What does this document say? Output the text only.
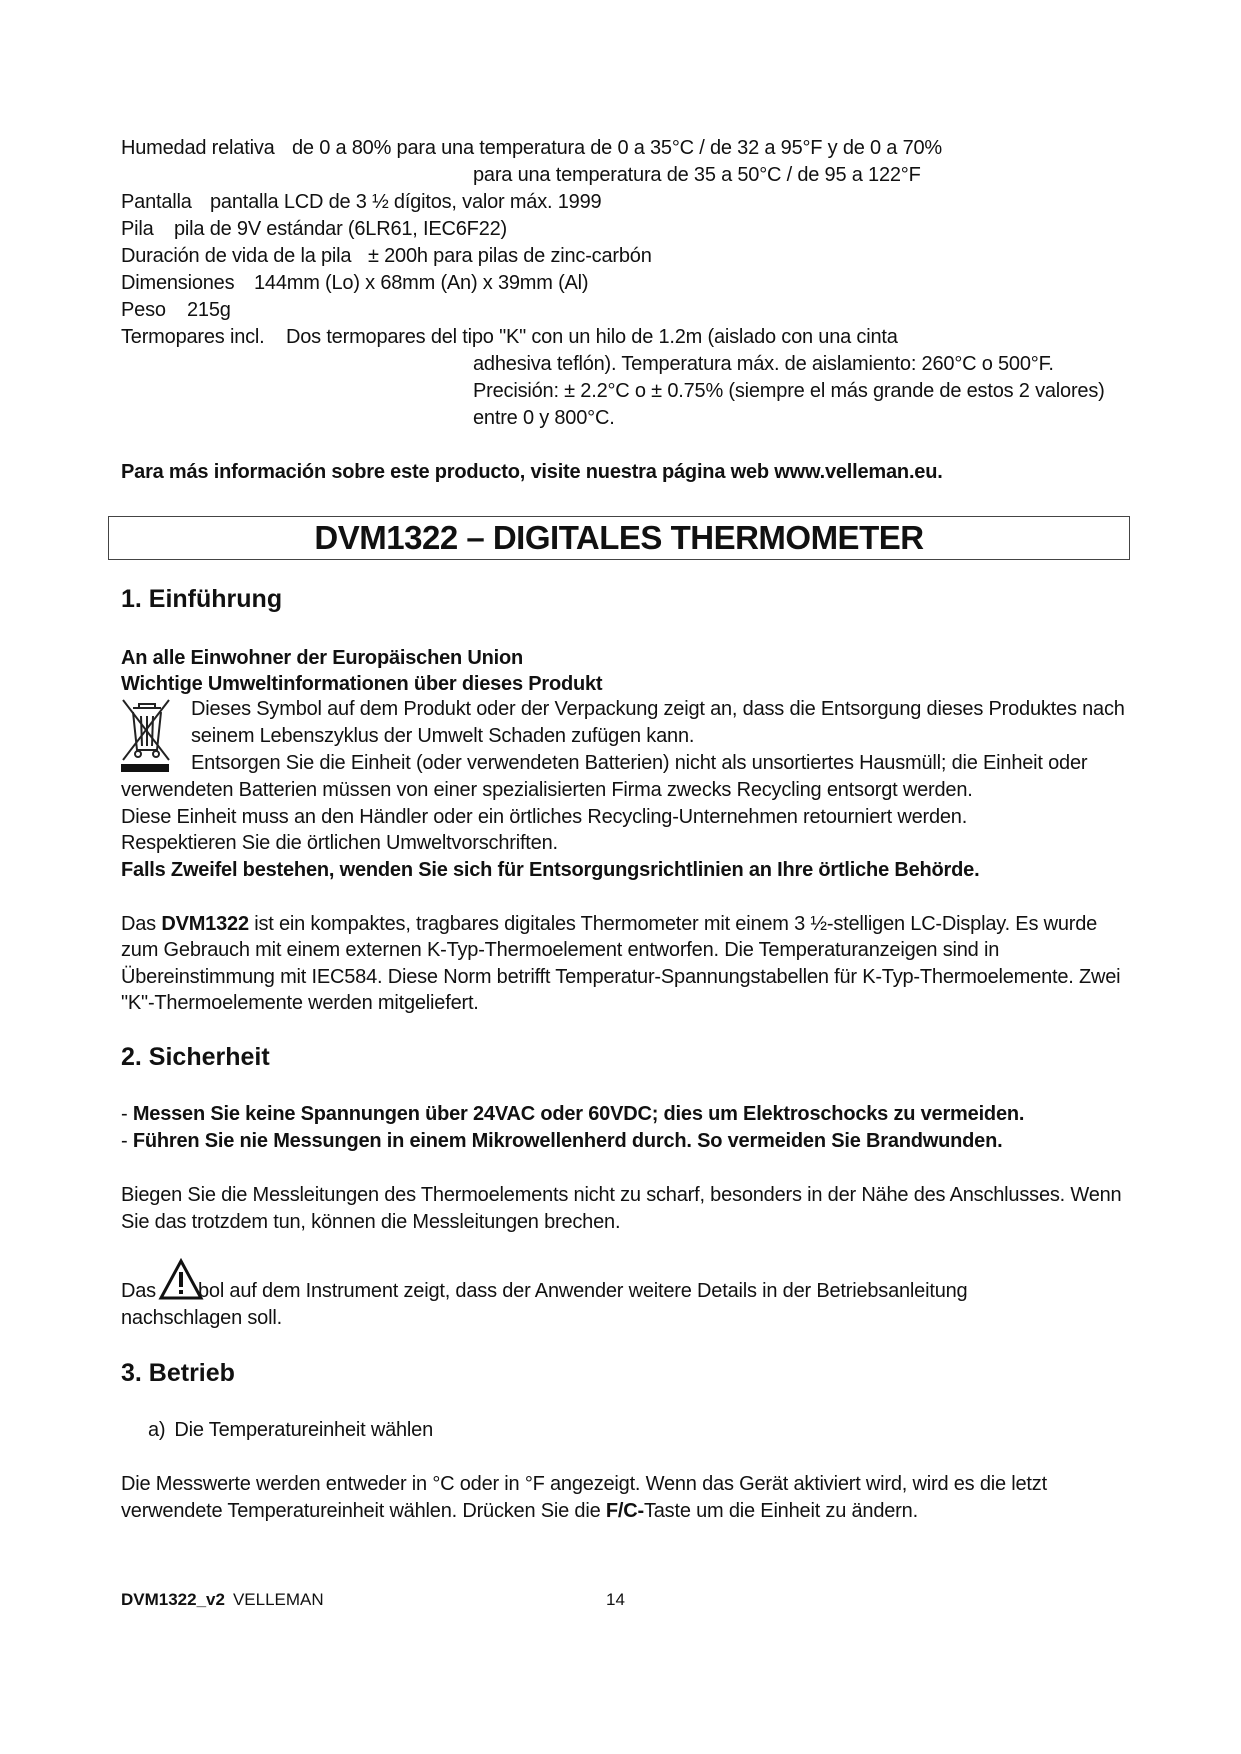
Humedad relativa de 0 a 80% para una temperatura de 0 a 35°C / de 32 a 95°F y de 0 a 70%
para una temperatura de 35 a 50°C / de 95 a 122°F
Pantalla pantalla LCD de 3 ½ dígitos, valor máx. 1999
Pila pila de 9V estándar (6LR61, IEC6F22)
Duración de vida de la pila ± 200h para pilas de zinc-carbón
Dimensiones 144mm (Lo) x 68mm (An) x 39mm (Al)
Peso 215g
Termopares incl. Dos termopares del tipo "K" con un hilo de 1.2m (aislado con una cinta
adhesiva teflón). Temperatura máx. de aislamiento: 260°C o 500°F.
Precisión: ± 2.2°C o ± 0.75% (siempre el más grande de estos 2 valores)
entre 0 y 800°C.
Para más información sobre este producto, visite nuestra página web www.velleman.eu.
DVM1322 – DIGITALES THERMOMETER
1. Einführung
An alle Einwohner der Europäischen Union
Wichtige Umweltinformationen über dieses Produkt
Dieses Symbol auf dem Produkt oder der Verpackung zeigt an, dass die Entsorgung dieses Produktes nach
seinem Lebenszyklus der Umwelt Schaden zufügen kann.
Entsorgen Sie die Einheit (oder verwendeten Batterien) nicht als unsortiertes Hausmüll; die Einheit oder
verwendeten Batterien müssen von einer spezialisierten Firma zwecks Recycling entsorgt werden.
Diese Einheit muss an den Händler oder ein örtliches Recycling-Unternehmen retourniert werden.
Respektieren Sie die örtlichen Umweltvorschriften.
Falls Zweifel bestehen, wenden Sie sich für Entsorgungsrichtlinien an Ihre örtliche Behörde.
Das DVM1322 ist ein kompaktes, tragbares digitales Thermometer mit einem 3 ½-stelligen LC-Display. Es wurde
zum Gebrauch mit einem externen K-Typ-Thermoelement entworfen. Die Temperaturanzeigen sind in
Übereinstimmung mit IEC584. Diese Norm betrifft Temperatur-Spannungstabellen für K-Typ-Thermoelemente. Zwei
"K"-Thermoelemente werden mitgeliefert.
2. Sicherheit
- Messen Sie keine Spannungen über 24VAC oder 60VDC; dies um Elektroschocks zu vermeiden.
- Führen Sie nie Messungen in einem Mikrowellenherd durch. So vermeiden Sie Brandwunden.
Biegen Sie die Messleitungen des Thermoelements nicht zu scharf, besonders in der Nähe des Anschlusses. Wenn
Sie das trotzdem tun, können die Messleitungen brechen.
Das bol auf dem Instrument zeigt, dass der Anwender weitere Details in der Betriebsanleitung
nachschlagen soll.
3. Betrieb
a) Die Temperatureinheit wählen
Die Messwerte werden entweder in °C oder in °F angezeigt. Wenn das Gerät aktiviert wird, wird es die letzt
verwendete Temperatureinheit wählen. Drücken Sie die F/C-Taste um die Einheit zu ändern.
DVM1322_v2 VELLEMAN	14
